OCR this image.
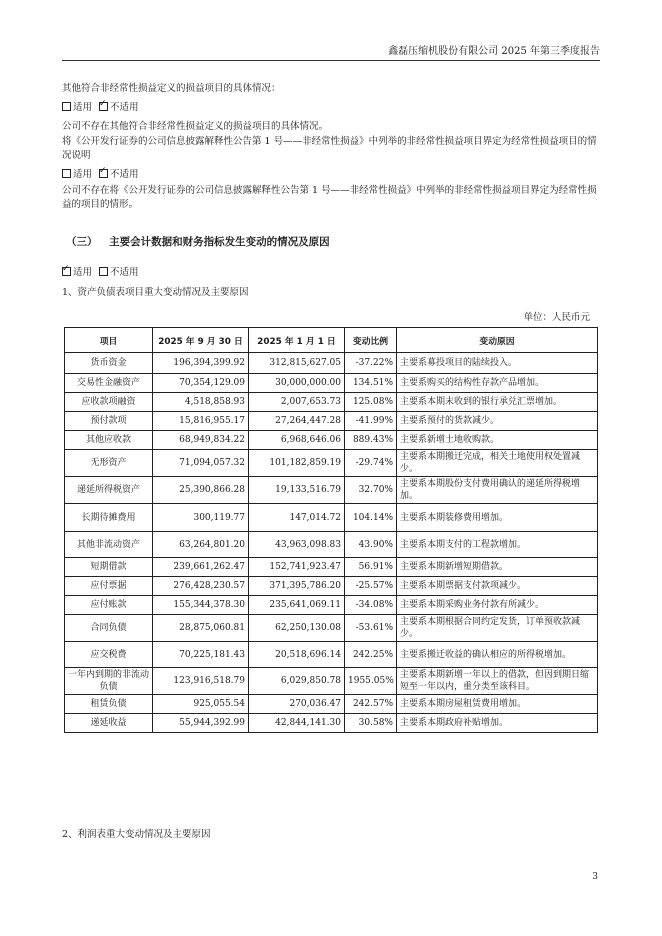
鑫磊压缩机股份有限公司 2025 年第三季度报告
其他符合非经常性损益定义的损益项目的具体情况：
适用 ✓ 不适用
公司不存在其他符合非经常性损益定义的损益项目的具体情况。
将《公开发行证券的公司信息披露解释性公告第 1 号——非经常性损益》中列举的非经常性损益项目界定为经常性损益项目的情况说明
适用 ✓ 不适用
公司不存在将《公开发行证券的公司信息披露解释性公告第 1 号——非经常性损益》中列举的非经常性损益项目界定为经常性损益的项目的情形。
（三） 主要会计数据和财务指标发生变动的情况及原因
✓适用 不适用
1、资产负债表项目重大变动情况及主要原因
单位：人民币元
项目	2025 年 9 月 30 日	2025 年 1 月 1 日	变动比例	变动原因
货币资金	196,394,399.92	312,815,627.05	-37.22%	主要系募投项目的陆续投入。
交易性金融资产	70,354,129.09	30,000,000.00	134.51%	主要系购买的结构性存款产品增加。
应收款项融资	4,518,858.93	2,007,653.73	125.08%	主要系本期末收到的银行承兑汇票增加。
预付款项	15,816,955.17	27,264,447.28	-41.99%	主要系预付的货款减少。
其他应收款	68,949,834.22	6,968,646.06	889.43%	主要系新增土地收购款。
无形资产	71,094,057.32	101,182,859.19	-29.74%	主要系本期搬迁完成，相关土地使用权处置减少。
递延所得税资产	25,390,866.28	19,133,516.79	32.70%	主要系本期股份支付费用确认的递延所得税增加。
长期待摊费用	300,119.77	147,014.72	104.14%	主要系本期装修费用增加。
其他非流动资产	63,264,801.20	43,963,098.83	43.90%	主要系本期支付的工程款增加。
短期借款	239,661,262.47	152,741,923.47	56.91%	主要系本期新增短期借款。
应付票据	276,428,230.57	371,395,786.20	-25.57%	主要系本期票据支付款项减少。
应付账款	155,344,378.30	235,641,069.11	-34.08%	主要系本期采购业务付款有所减少。
合同负债	28,875,060.81	62,250,130.08	-53.61%	主要系本期根据合同约定发货，订单预收款减少。
应交税费	70,225,181.43	20,518,696.14	242.25%	主要系搬迁收益的确认相应的所得税增加。
一年内到期的非流动负债	123,916,518.79	6,029,850.78	1955.05%	主要系本期新增一年以上的借款，但因到期日缩短至一年以内，重分类至该科目。
租赁负债	925,055.54	270,036.47	242.57%	主要系本期房屋租赁费用增加。
递延收益	55,944,392.99	42,844,141.30	30.58%	主要系本期政府补贴增加。
2、利润表重大变动情况及主要原因
3
